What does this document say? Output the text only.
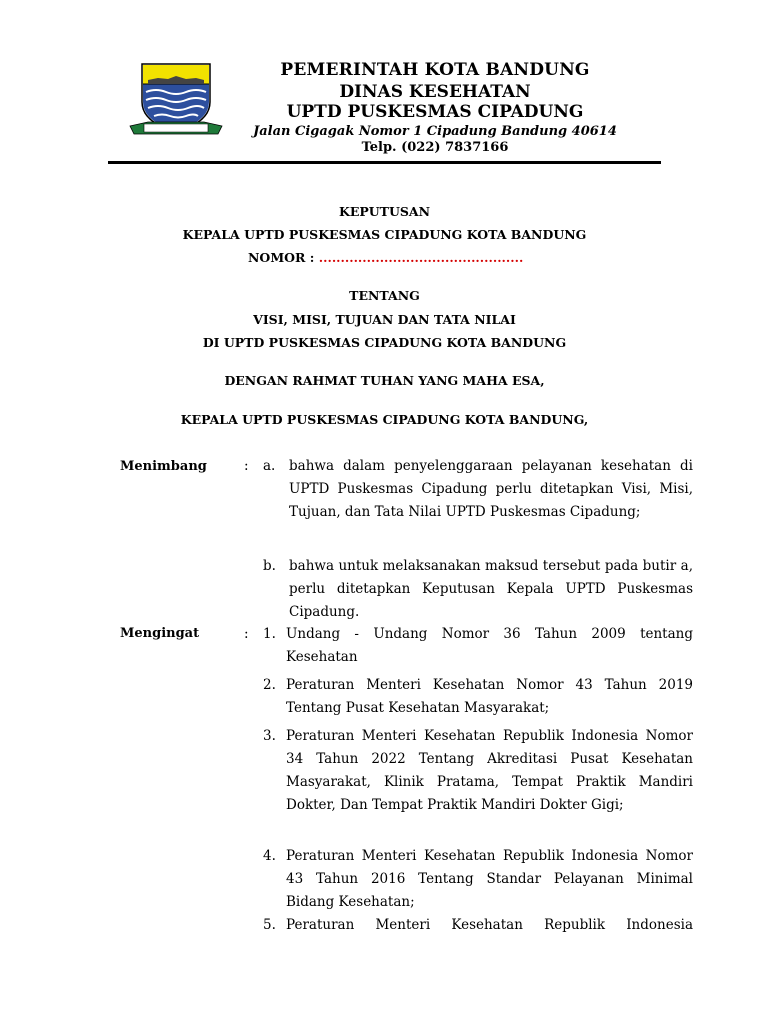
PEMERINTAH KOTA BANDUNG
DINAS KESEHATAN
UPTD PUSKESMAS CIPADUNG
Jalan Cigagak Nomor 1 Cipadung Bandung 40614
Telp. (022) 7837166
KEPUTUSAN
KEPALA UPTD PUSKESMAS CIPADUNG KOTA BANDUNG
NOMOR : ...............................................
TENTANG
VISI, MISI, TUJUAN DAN TATA NILAI
DI UPTD PUSKESMAS CIPADUNG KOTA BANDUNG
DENGAN RAHMAT TUHAN YANG MAHA ESA,
KEPALA UPTD PUSKESMAS CIPADUNG KOTA BANDUNG,
Menimbang	: a. bahwa dalam penyelenggaraan pelayanan kesehatan di UPTD Puskesmas Cipadung perlu ditetapkan Visi, Misi, Tujuan, dan Tata Nilai UPTD Puskesmas Cipadung;
b. bahwa untuk melaksanakan maksud tersebut pada butir a, perlu ditetapkan Keputusan Kepala UPTD Puskesmas Cipadung.
Mengingat	: 1. Undang - Undang Nomor 36 Tahun 2009 tentang Kesehatan
2. Peraturan Menteri Kesehatan Nomor 43 Tahun 2019 Tentang Pusat Kesehatan Masyarakat;
3. Peraturan Menteri Kesehatan Republik Indonesia Nomor 34 Tahun 2022 Tentang Akreditasi Pusat Kesehatan Masyarakat, Klinik Pratama, Tempat Praktik Mandiri Dokter, Dan Tempat Praktik Mandiri Dokter Gigi;
4. Peraturan Menteri Kesehatan Republik Indonesia Nomor 43 Tahun 2016 Tentang Standar Pelayanan Minimal Bidang Kesehatan;
5. Peraturan Menteri Kesehatan Republik Indonesia
